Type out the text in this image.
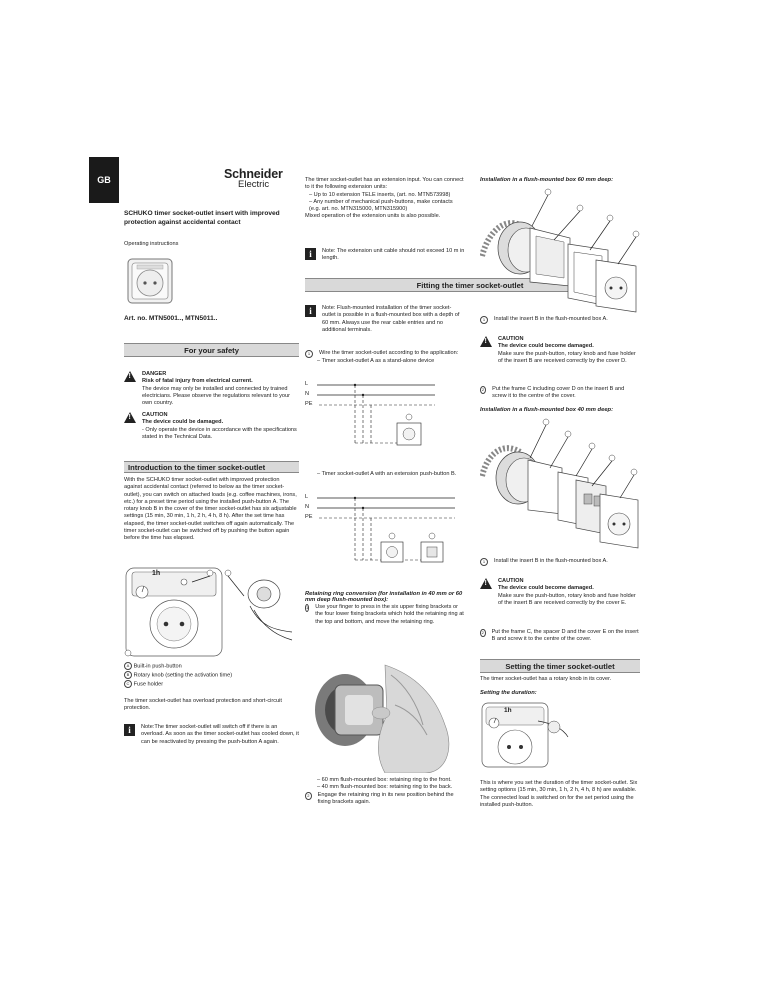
GB	Schneider
Electric
SCHUKO timer socket-outlet insert with improved protection against accidental contact
Operating instructions
Art. no. MTN5001.., MTN5011..
For your safety
! DANGER
Risk of fatal injury from electrical current.
The device may only be installed and connected by trained electricians. Please observe the regulations relevant to your own country.
! CAUTION
The device could be damaged.
- Only operate the device in accordance with the specifications stated in the Technical Data.
Introduction to the timer socket-outlet
With the SCHUKO timer socket-outlet with improved protection against accidental contact (referred to below as the timer socket-outlet), you can switch on attached loads (e.g. coffee machines, irons, etc.) for a preset time period using the installed push-button A. The rotary knob B in the cover of the timer socket-outlet has six adjustable settings (15 min, 30 min, 1 h, 2 h, 4 h, 8 h). After the set time has elapsed, the timer socket-outlet switches off again automatically. The timer socket-outlet can be switched off by pushing the button again before the time has elapsed.
1h
A Built-in push-button
B Rotary knob (setting the activation time)
C Fuse holder
The timer socket-outlet has overload protection and short-circuit protection.
i	Note:The timer socket-outlet will switch off if there is an overload. As soon as the timer socket-outlet has cooled down, it can be reactivated by pressing the push-button A again.
The timer socket-outlet has an extension input. You can connect to it the following extension units:
– Up to 10 extension TELE inserts, (art. no. MTN573998)
– Any number of mechanical push-buttons, make contacts (e.g. art. no. MTN315000, MTN315900)
Mixed operation of the extension units is also possible.
i	Note: The extension unit cable should not exceed 10 m in length.
Fitting the timer socket-outlet
i	Note: Flush-mounted installation of the timer socket-outlet is possible in a flush-mounted box with a depth of 60 mm. Always use the rear cable entries and no additional terminals.
1	Wire the timer socket-outlet according to the application:
– Timer socket-outlet A as a stand-alone device
L
N
PE
– Timer socket-outlet A with an extension push-button B.
L
N
PE
Retaining ring conversion (for installation in 40 mm or 60 mm deep flush-mounted box):
1 Use your finger to press in the six upper fixing brackets or the four lower fixing brackets which hold the retaining ring at the top and bottom, and move the retaining ring.
– 60 mm flush-mounted box: retaining ring to the front.
– 40 mm flush-mounted box: retaining ring to the back.
2	Engage the retaining ring in its new position behind the fixing brackets again.
Installation in a flush-mounted box 60 mm deep:
1	Install the insert B in the flush-mounted box A.
! CAUTION
The device could become damaged.
Make sure the push-button, rotary knob and fuse holder of the insert B are received correctly by the cover D.
2	Put the frame C including cover D on the insert B and screw it to the centre of the cover.
Installation in a flush-mounted box 40 mm deep:
1	Install the insert B in the flush-mounted box A.
! CAUTION
The device could become damaged.
Make sure the push-button, rotary knob and fuse holder of the insert B are received correctly by the cover E.
2 Put the frame C, the spacer D and the cover E on the insert B and screw it to the centre of the cover.
Setting the timer socket-outlet
The timer socket-outlet has a rotary knob in its cover.
Setting the duration:
1h
This is where you set the duration of the timer socket-outlet. Six setting options (15 min, 30 min, 1 h, 2 h, 4 h, 8 h) are available. The connected load is switched on for the set period using the installed push-button.
